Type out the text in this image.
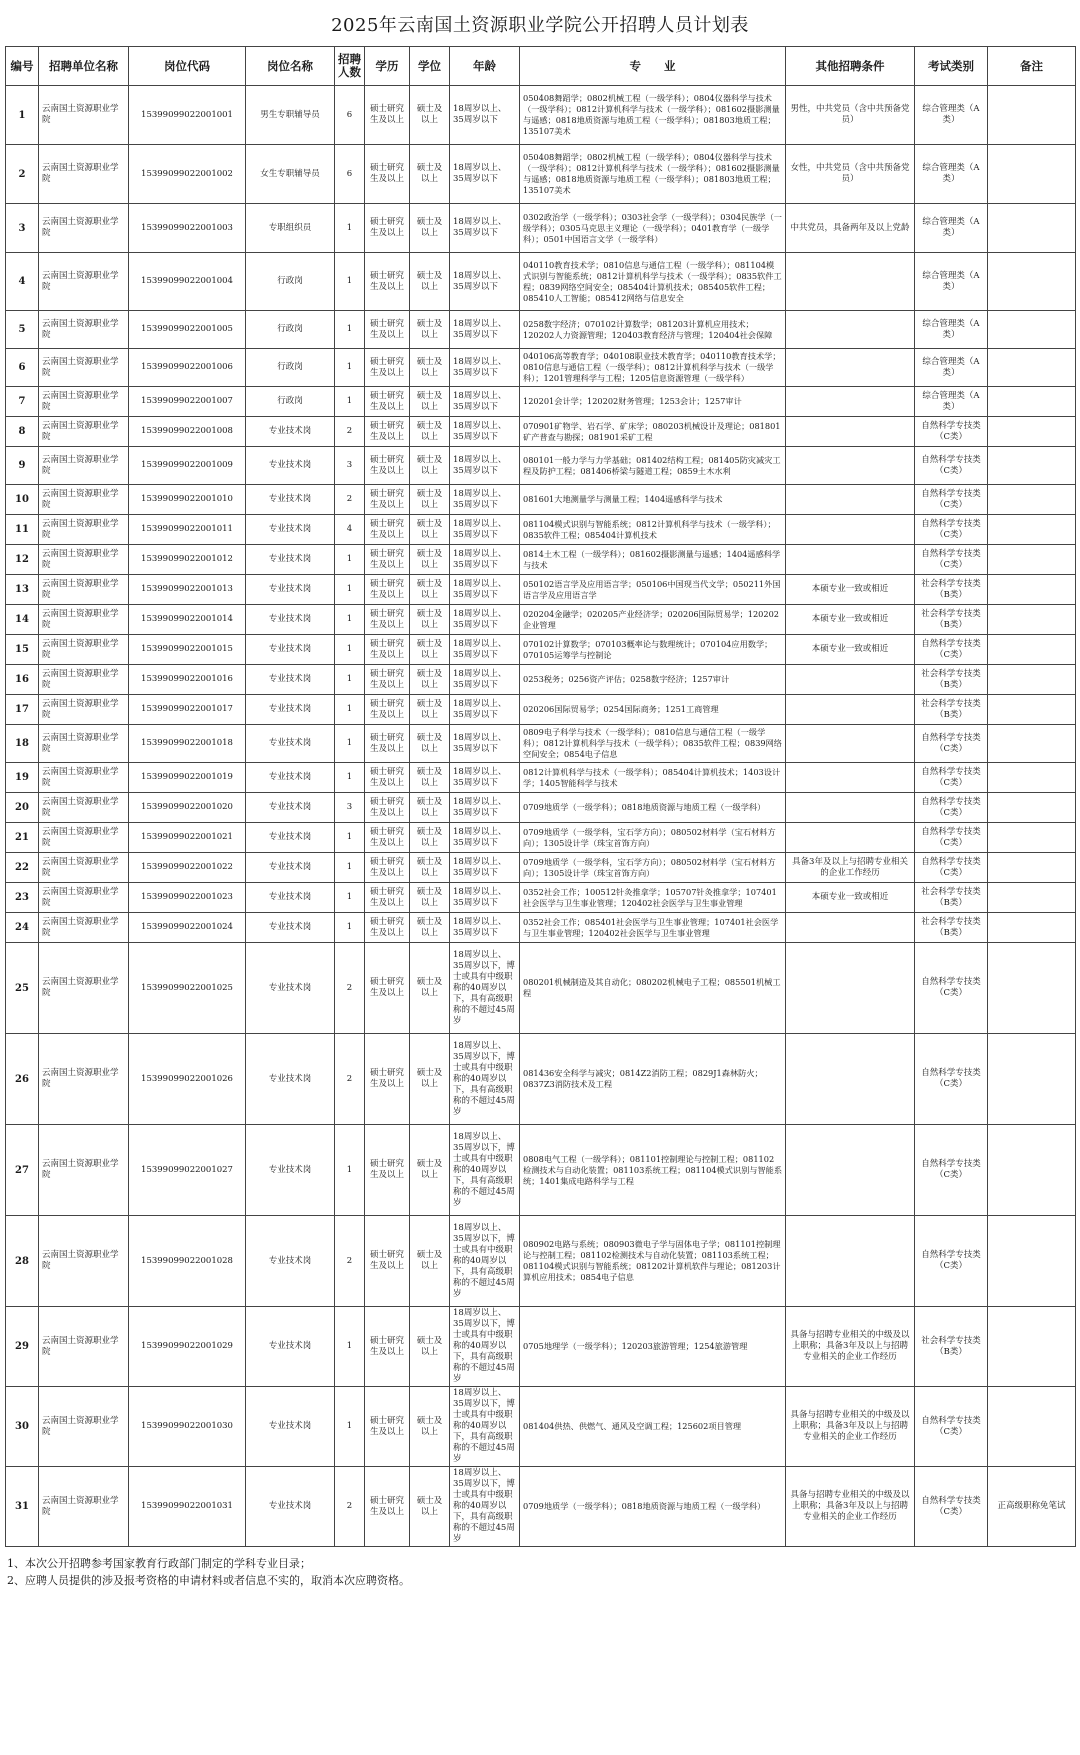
2025年云南国土资源职业学院公开招聘人员计划表
编号	招聘单位名称	岗位代码	岗位名称	招聘人数	学历	学位	年龄	专　　业	其他招聘条件	考试类别	备注
1	云南国土资源职业学院	15399099022001001	男生专职辅导员	6	硕士研究生及以上	硕士及以上	18周岁以上、35周岁以下	050408舞蹈学；0802机械工程（一级学科）；0804仪器科学与技术（一级学科）；0812计算机科学与技术（一级学科）；081602摄影测量与遥感；0818地质资源与地质工程（一级学科）；081803地质工程；135107美术	男性，中共党员（含中共预备党员）	综合管理类（A类）	
2	云南国土资源职业学院	15399099022001002	女生专职辅导员	6	硕士研究生及以上	硕士及以上	18周岁以上、35周岁以下	050408舞蹈学；0802机械工程（一级学科）；0804仪器科学与技术（一级学科）；0812计算机科学与技术（一级学科）；081602摄影测量与遥感；0818地质资源与地质工程（一级学科）；081803地质工程；135107美术	女性，中共党员（含中共预备党员）	综合管理类（A类）	
3	云南国土资源职业学院	15399099022001003	专职组织员	1	硕士研究生及以上	硕士及以上	18周岁以上、35周岁以下	0302政治学（一级学科）；0303社会学（一级学科）；0304民族学（一级学科）；0305马克思主义理论（一级学科）；0401教育学（一级学科）；0501中国语言文学（一级学科）	中共党员，具备两年及以上党龄	综合管理类（A类）	
4	云南国土资源职业学院	15399099022001004	行政岗	1	硕士研究生及以上	硕士及以上	18周岁以上、35周岁以下	040110教育技术学；0810信息与通信工程（一级学科）；081104模式识别与智能系统；0812计算机科学与技术（一级学科）；0835软件工程；0839网络空间安全；085404计算机技术；085405软件工程；085410人工智能；085412网络与信息安全		综合管理类（A类）	
5	云南国土资源职业学院	15399099022001005	行政岗	1	硕士研究生及以上	硕士及以上	18周岁以上、35周岁以下	0258数字经济；070102计算数学；081203计算机应用技术；120202人力资源管理；120403教育经济与管理；120404社会保障		综合管理类（A类）	
6	云南国土资源职业学院	15399099022001006	行政岗	1	硕士研究生及以上	硕士及以上	18周岁以上、35周岁以下	040106高等教育学；040108职业技术教育学；040110教育技术学；0810信息与通信工程（一级学科）；0812计算机科学与技术（一级学科）；1201管理科学与工程；1205信息资源管理（一级学科）		综合管理类（A类）	
7	云南国土资源职业学院	15399099022001007	行政岗	1	硕士研究生及以上	硕士及以上	18周岁以上、35周岁以下	120201会计学；120202财务管理；1253会计；1257审计		综合管理类（A类）	
8	云南国土资源职业学院	15399099022001008	专业技术岗	2	硕士研究生及以上	硕士及以上	18周岁以上、35周岁以下	070901矿物学、岩石学、矿床学；080203机械设计及理论；081801矿产普查与勘探；081901采矿工程		自然科学专技类（C类）	
9	云南国土资源职业学院	15399099022001009	专业技术岗	3	硕士研究生及以上	硕士及以上	18周岁以上、35周岁以下	080101一般力学与力学基础；081402结构工程；081405防灾减灾工程及防护工程；081406桥梁与隧道工程；0859土木水利		自然科学专技类（C类）	
10	云南国土资源职业学院	15399099022001010	专业技术岗	2	硕士研究生及以上	硕士及以上	18周岁以上、35周岁以下	081601大地测量学与测量工程；1404遥感科学与技术		自然科学专技类（C类）	
11	云南国土资源职业学院	15399099022001011	专业技术岗	4	硕士研究生及以上	硕士及以上	18周岁以上、35周岁以下	081104模式识别与智能系统；0812计算机科学与技术（一级学科）；0835软件工程；085404计算机技术		自然科学专技类（C类）	
12	云南国土资源职业学院	15399099022001012	专业技术岗	1	硕士研究生及以上	硕士及以上	18周岁以上、35周岁以下	0814土木工程（一级学科）；081602摄影测量与遥感；1404遥感科学与技术		自然科学专技类（C类）	
13	云南国土资源职业学院	15399099022001013	专业技术岗	1	硕士研究生及以上	硕士及以上	18周岁以上、35周岁以下	050102语言学及应用语言学；050106中国现当代文学；050211外国语言学及应用语言学	本硕专业一致或相近	社会科学专技类（B类）	
14	云南国土资源职业学院	15399099022001014	专业技术岗	1	硕士研究生及以上	硕士及以上	18周岁以上、35周岁以下	020204金融学；020205产业经济学；020206国际贸易学；120202企业管理	本硕专业一致或相近	社会科学专技类（B类）	
15	云南国土资源职业学院	15399099022001015	专业技术岗	1	硕士研究生及以上	硕士及以上	18周岁以上、35周岁以下	070102计算数学；070103概率论与数理统计；070104应用数学；070105运筹学与控制论	本硕专业一致或相近	自然科学专技类（C类）	
16	云南国土资源职业学院	15399099022001016	专业技术岗	1	硕士研究生及以上	硕士及以上	18周岁以上、35周岁以下	0253税务；0256资产评估；0258数字经济；1257审计		社会科学专技类（B类）	
17	云南国土资源职业学院	15399099022001017	专业技术岗	1	硕士研究生及以上	硕士及以上	18周岁以上、35周岁以下	020206国际贸易学；0254国际商务；1251工商管理		社会科学专技类（B类）	
18	云南国土资源职业学院	15399099022001018	专业技术岗	1	硕士研究生及以上	硕士及以上	18周岁以上、35周岁以下	0809电子科学与技术（一级学科）；0810信息与通信工程（一级学科）；0812计算机科学与技术（一级学科）；0835软件工程；0839网络空间安全；0854电子信息		自然科学专技类（C类）	
19	云南国土资源职业学院	15399099022001019	专业技术岗	1	硕士研究生及以上	硕士及以上	18周岁以上、35周岁以下	0812计算机科学与技术（一级学科）；085404计算机技术；1403设计学；1405智能科学与技术		自然科学专技类（C类）	
20	云南国土资源职业学院	15399099022001020	专业技术岗	3	硕士研究生及以上	硕士及以上	18周岁以上、35周岁以下	0709地质学（一级学科）；0818地质资源与地质工程（一级学科）		自然科学专技类（C类）	
21	云南国土资源职业学院	15399099022001021	专业技术岗	1	硕士研究生及以上	硕士及以上	18周岁以上、35周岁以下	0709地质学（一级学科，宝石学方向）；080502材料学（宝石材料方向）；1305设计学（珠宝首饰方向）		自然科学专技类（C类）	
22	云南国土资源职业学院	15399099022001022	专业技术岗	1	硕士研究生及以上	硕士及以上	18周岁以上、35周岁以下	0709地质学（一级学科，宝石学方向）；080502材料学（宝石材料方向）；1305设计学（珠宝首饰方向）	具备3年及以上与招聘专业相关的企业工作经历	自然科学专技类（C类）	
23	云南国土资源职业学院	15399099022001023	专业技术岗	1	硕士研究生及以上	硕士及以上	18周岁以上、35周岁以下	0352社会工作；100512针灸推拿学；105707针灸推拿学；107401社会医学与卫生事业管理；120402社会医学与卫生事业管理	本硕专业一致或相近	社会科学专技类（B类）	
24	云南国土资源职业学院	15399099022001024	专业技术岗	1	硕士研究生及以上	硕士及以上	18周岁以上、35周岁以下	0352社会工作；085401社会医学与卫生事业管理；107401社会医学与卫生事业管理；120402社会医学与卫生事业管理		社会科学专技类（B类）	
25	云南国土资源职业学院	15399099022001025	专业技术岗	2	硕士研究生及以上	硕士及以上	18周岁以上、35周岁以下，博士或具有中级职称的40周岁以下，具有高级职称的不超过45周岁	080201机械制造及其自动化；080202机械电子工程；085501机械工程		自然科学专技类（C类）	
26	云南国土资源职业学院	15399099022001026	专业技术岗	2	硕士研究生及以上	硕士及以上	18周岁以上、35周岁以下，博士或具有中级职称的40周岁以下，具有高级职称的不超过45周岁	081436安全科学与减灾；0814Z2消防工程；0829J1森林防火；0837Z3消防技术及工程		自然科学专技类（C类）	
27	云南国土资源职业学院	15399099022001027	专业技术岗	1	硕士研究生及以上	硕士及以上	18周岁以上、35周岁以下，博士或具有中级职称的40周岁以下，具有高级职称的不超过45周岁	0808电气工程（一级学科）；081101控制理论与控制工程；081102检测技术与自动化装置；081103系统工程；081104模式识别与智能系统；1401集成电路科学与工程		自然科学专技类（C类）	
28	云南国土资源职业学院	15399099022001028	专业技术岗	2	硕士研究生及以上	硕士及以上	18周岁以上、35周岁以下，博士或具有中级职称的40周岁以下，具有高级职称的不超过45周岁	080902电路与系统；080903微电子学与固体电子学；081101控制理论与控制工程；081102检测技术与自动化装置；081103系统工程；081104模式识别与智能系统；081202计算机软件与理论；081203计算机应用技术；0854电子信息		自然科学专技类（C类）	
29	云南国土资源职业学院	15399099022001029	专业技术岗	1	硕士研究生及以上	硕士及以上	18周岁以上、35周岁以下，博士或具有中级职称的40周岁以下，具有高级职称的不超过45周岁	0705地理学（一级学科）；120203旅游管理；1254旅游管理	具备与招聘专业相关的中级及以上职称；具备3年及以上与招聘专业相关的企业工作经历	社会科学专技类（B类）	
30	云南国土资源职业学院	15399099022001030	专业技术岗	1	硕士研究生及以上	硕士及以上	18周岁以上、35周岁以下，博士或具有中级职称的40周岁以下，具有高级职称的不超过45周岁	081404供热、供燃气、通风及空调工程；125602项目管理	具备与招聘专业相关的中级及以上职称；具备3年及以上与招聘专业相关的企业工作经历	自然科学专技类（C类）	
31	云南国土资源职业学院	15399099022001031	专业技术岗	2	硕士研究生及以上	硕士及以上	18周岁以上、35周岁以下，博士或具有中级职称的40周岁以下，具有高级职称的不超过45周岁	0709地质学（一级学科）；0818地质资源与地质工程（一级学科）	具备与招聘专业相关的中级及以上职称；具备3年及以上与招聘专业相关的企业工作经历	自然科学专技类（C类）	正高级职称免笔试
1、本次公开招聘参考国家教育行政部门制定的学科专业目录；
2、应聘人员提供的涉及报考资格的申请材料或者信息不实的，取消本次应聘资格。
